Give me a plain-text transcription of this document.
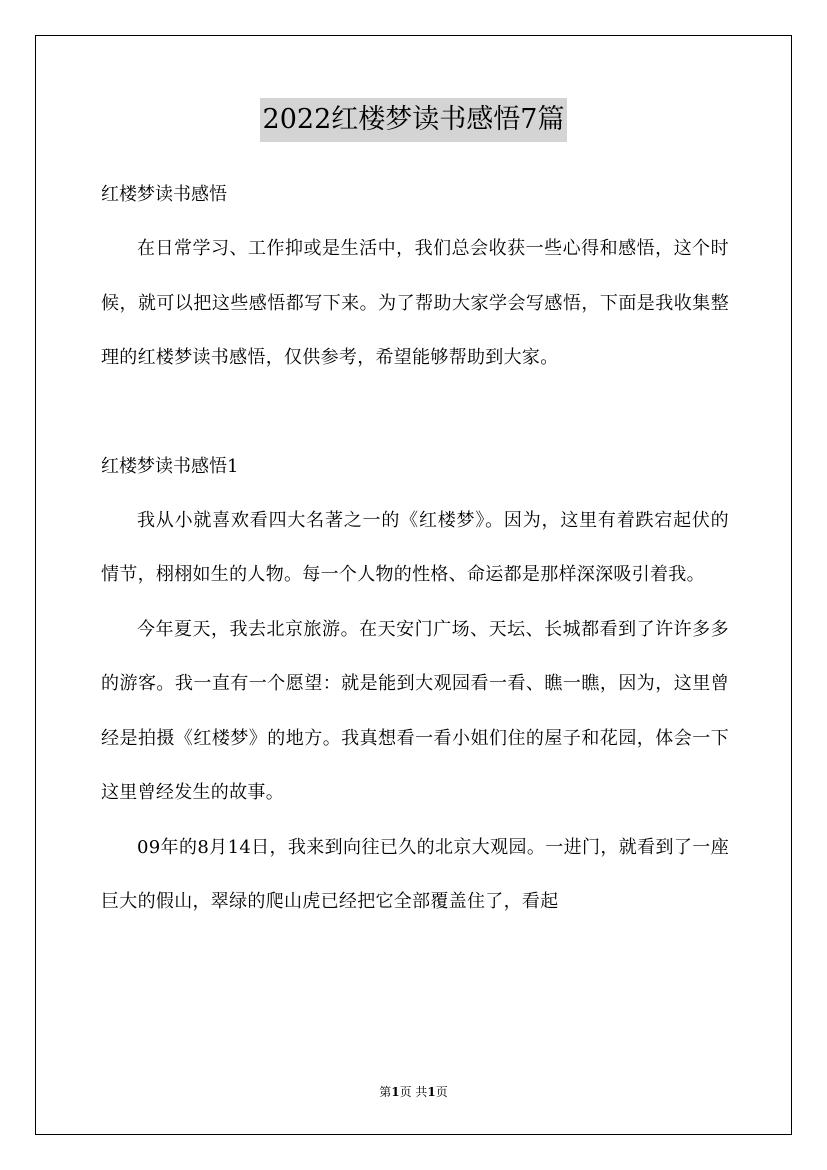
2022红楼梦读书感悟7篇
红楼梦读书感悟

在日常学习、工作抑或是生活中，我们总会收获一些心得和感悟，这个时候，就可以把这些感悟都写下来。为了帮助大家学会写感悟，下面是我收集整理的红楼梦读书感悟，仅供参考，希望能够帮助到大家。

红楼梦读书感悟1

我从小就喜欢看四大名著之一的《红楼梦》。因为，这里有着跌宕起伏的情节，栩栩如生的人物。每一个人物的性格、命运都是那样深深吸引着我。

今年夏天，我去北京旅游。在天安门广场、天坛、长城都看到了许许多多的游客。我一直有一个愿望：就是能到大观园看一看、瞧一瞧，因为，这里曾经是拍摄《红楼梦》的地方。我真想看一看小姐们住的屋子和花园，体会一下这里曾经发生的故事。

09年的8月14日，我来到向往已久的北京大观园。一进门，就看到了一座巨大的假山，翠绿的爬山虎已经把它全部覆盖住了，看起

第1页 共1页
